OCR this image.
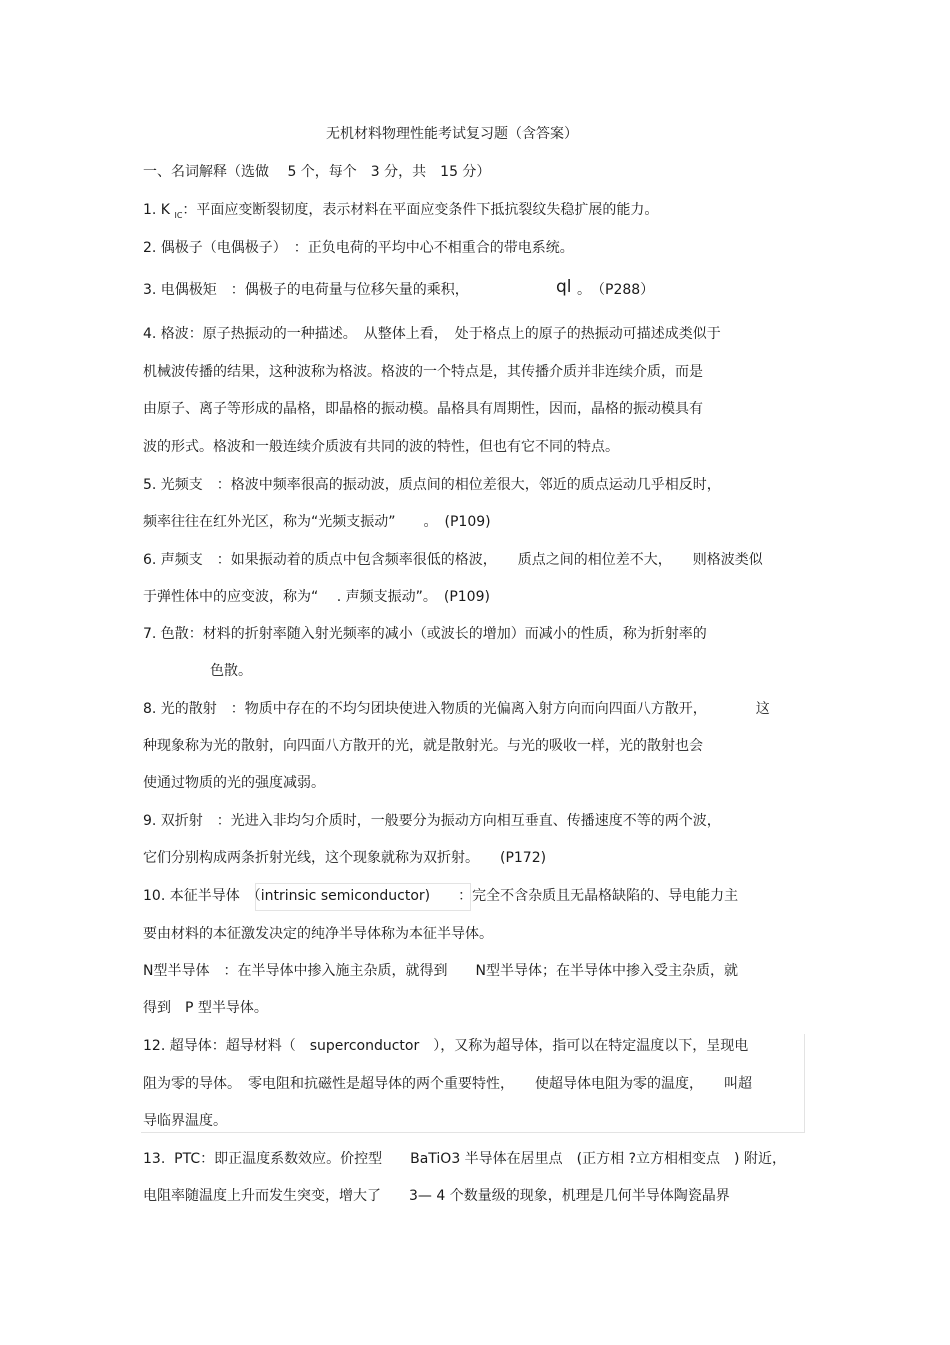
无机材料物理性能考试复习题（含答案）
一、名词解释（选做　 5 个，每个　3 分，共　15 分）
1. K $_{IC}$：平面应变断裂韧度，表示材料在平面应变条件下抵抗裂纹失稳扩展的能力。
2. 偶极子（电偶极子）　：正负电荷的平均中心不相重合的带电系统。
3. 电偶极矩　：偶极子的电荷量与位移矢量的乘积，	ql 。　（P288）
4. 格波：原子热振动的一种描述。　从整体上看，　处于格点上的原子的热振动可描述成类似于
机械波传播的结果，这种波称为格波。格波的一个特点是，其传播介质并非连续介质，而是
由原子、离子等形成的晶格，即晶格的振动模。晶格具有周期性，因而，晶格的振动模具有
波的形式。格波和一般连续介质波有共同的波的特性，但也有它不同的特点。
5. 光频支　：格波中频率很高的振动波，质点间的相位差很大，邻近的质点运动几乎相反时，
频率往往在红外光区，称为“光频支振动”　　。　(P109)
6. 声频支　：如果振动着的质点中包含频率很低的格波，　　质点之间的相位差不大，　　则格波类似
于弹性体中的应变波，称为“　 . 声频支振动”。　(P109)
7. 色散：材料的折射率随入射光频率的减小（或波长的增加）而减小的性质，称为折射率的
色散。
8. 光的散射　：物质中存在的不均匀团块使进入物质的光偏离入射方向而向四面八方散开，　　　　这
种现象称为光的散射，向四面八方散开的光，就是散射光。与光的吸收一样，光的散射也会
使通过物质的光的强度减弱。
9. 双折射　：光进入非均匀介质时，一般要分为振动方向相互垂直、传播速度不等的两个波，
它们分别构成两条折射光线，这个现象就称为双折射。　　(P172)
10. 本征半导体　（intrinsic semiconductor)　　：完全不含杂质且无晶格缺陷的、导电能力主
要由材料的本征激发决定的纯净半导体称为本征半导体。
N型半导体　：在半导体中掺入施主杂质，就得到　　N型半导体；在半导体中掺入受主杂质，就
得到　P 型半导体。
12. 超导体：超导材料（　superconductor　），又称为超导体，指可以在特定温度以下，呈现电
阻为零的导体。　零电阻和抗磁性是超导体的两个重要特性，　　使超导体电阻为零的温度，　　叫超
导临界温度。
13.  PTC：即正温度系数效应。价控型　　BaTiO3 半导体在居里点　(正方相 ?立方相相变点　) 附近，
电阻率随温度上升而发生突变，增大了　　3— 4 个数量级的现象，机理是几何半导体陶瓷晶界
